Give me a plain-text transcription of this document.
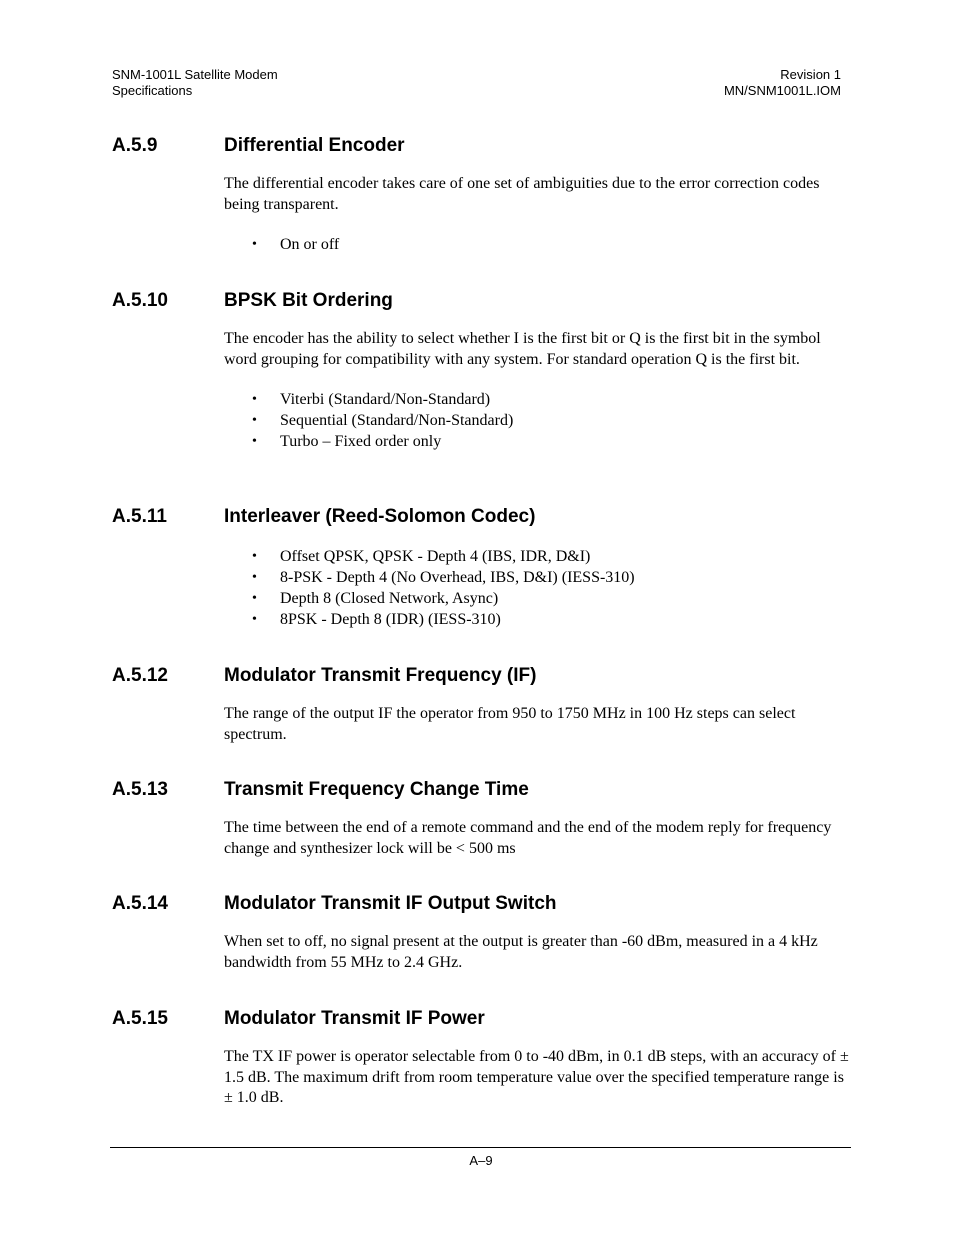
SNM-1001L Satellite Modem
Specifications
Revision 1
MN/SNM1001L.IOM
A.5.9	Differential Encoder

The differential encoder takes care of one set of ambiguities due to the error correction codes being transparent.

• On or off
A.5.10	BPSK Bit Ordering

The encoder has the ability to select whether I is the first bit or Q is the first bit in the symbol word grouping for compatibility with any system. For standard operation Q is the first bit.

• Viterbi (Standard/Non-Standard)
• Sequential (Standard/Non-Standard)
• Turbo – Fixed order only
A.5.11	Interleaver (Reed-Solomon Codec)
• Offset QPSK, QPSK - Depth 4 (IBS, IDR, D&I)
• 8-PSK - Depth 4 (No Overhead, IBS, D&I) (IESS-310)
• Depth 8 (Closed Network, Async)
• 8PSK - Depth 8 (IDR) (IESS-310)
A.5.12	Modulator Transmit Frequency (IF)

The range of the output IF the operator from 950 to 1750 MHz in 100 Hz steps can select spectrum.

A.5.13	Transmit Frequency Change Time

The time between the end of a remote command and the end of the modem reply for frequency change and synthesizer lock will be < 500 ms

A.5.14	Modulator Transmit IF Output Switch

When set to off, no signal present at the output is greater than -60 dBm, measured in a 4 kHz bandwidth from 55 MHz to 2.4 GHz.

A.5.15	Modulator Transmit IF Power

The TX IF power is operator selectable from 0 to -40 dBm, in 0.1 dB steps, with an accuracy of ± 1.5 dB. The maximum drift from room temperature value over the specified temperature range is ± 1.0 dB.

A–9
